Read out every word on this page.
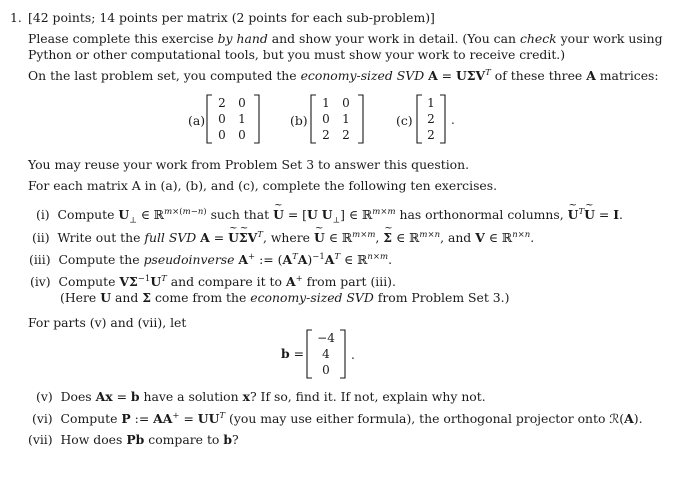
1. [42 points; 14 points per matrix (2 points for each sub-problem)]
Please complete this exercise by hand and show your work in detail. (You can check your work using
Python or other computational tools, but you must show your work to receive credit.)
On the last problem set, you computed the economy-sized SVD $A = U\Sigma V^T$ of these three A matrices:
(a)
2 0
0 1
0 0
(b)
1 0
0 1
2 2
(c)
1
2
2
.
You may reuse your work from Problem Set 3 to answer this question.
For each matrix A in (a), (b), and (c), complete the following ten exercises.
(i) Compute $U_\perp$ ∈ ℝ$^{m\times(m-n)}$ such that ~ U = [U $U_\perp$] ∈ ℝ$^{m\times m}$ has orthonormal columns, ~ $U^T\sim$ U = I.
(ii) Write out the full SVD A = ~ U~ $\Sigma V^T$, where ~ U ∈ ℝ$^{m\times m}$, ~ Σ ∈ ℝ$^{m\times n}$, and V ∈ ℝ$^{n\times n}$.
(iii) Compute the pseudoinverse A+ := $(A^TA)^{-1}A^T$ ∈ ℝ$^{n\times m}$.
(iv) Compute $V\Sigma^{-1}U^T$ and compare it to A+ from part (iii).
(Here U and Σ come from the economy-sized SVD from Problem Set 3.)
For parts (v) and (vii), let
b =
−4
4
0
.
(v) Does Ax = b have a solution x? If so, find it. If not, explain why not.
(vi) Compute P := $AA^+ = UU^T$ (you may use either formula), the orthogonal projector onto ℛ(A).
(vii) How does Pb compare to b?
